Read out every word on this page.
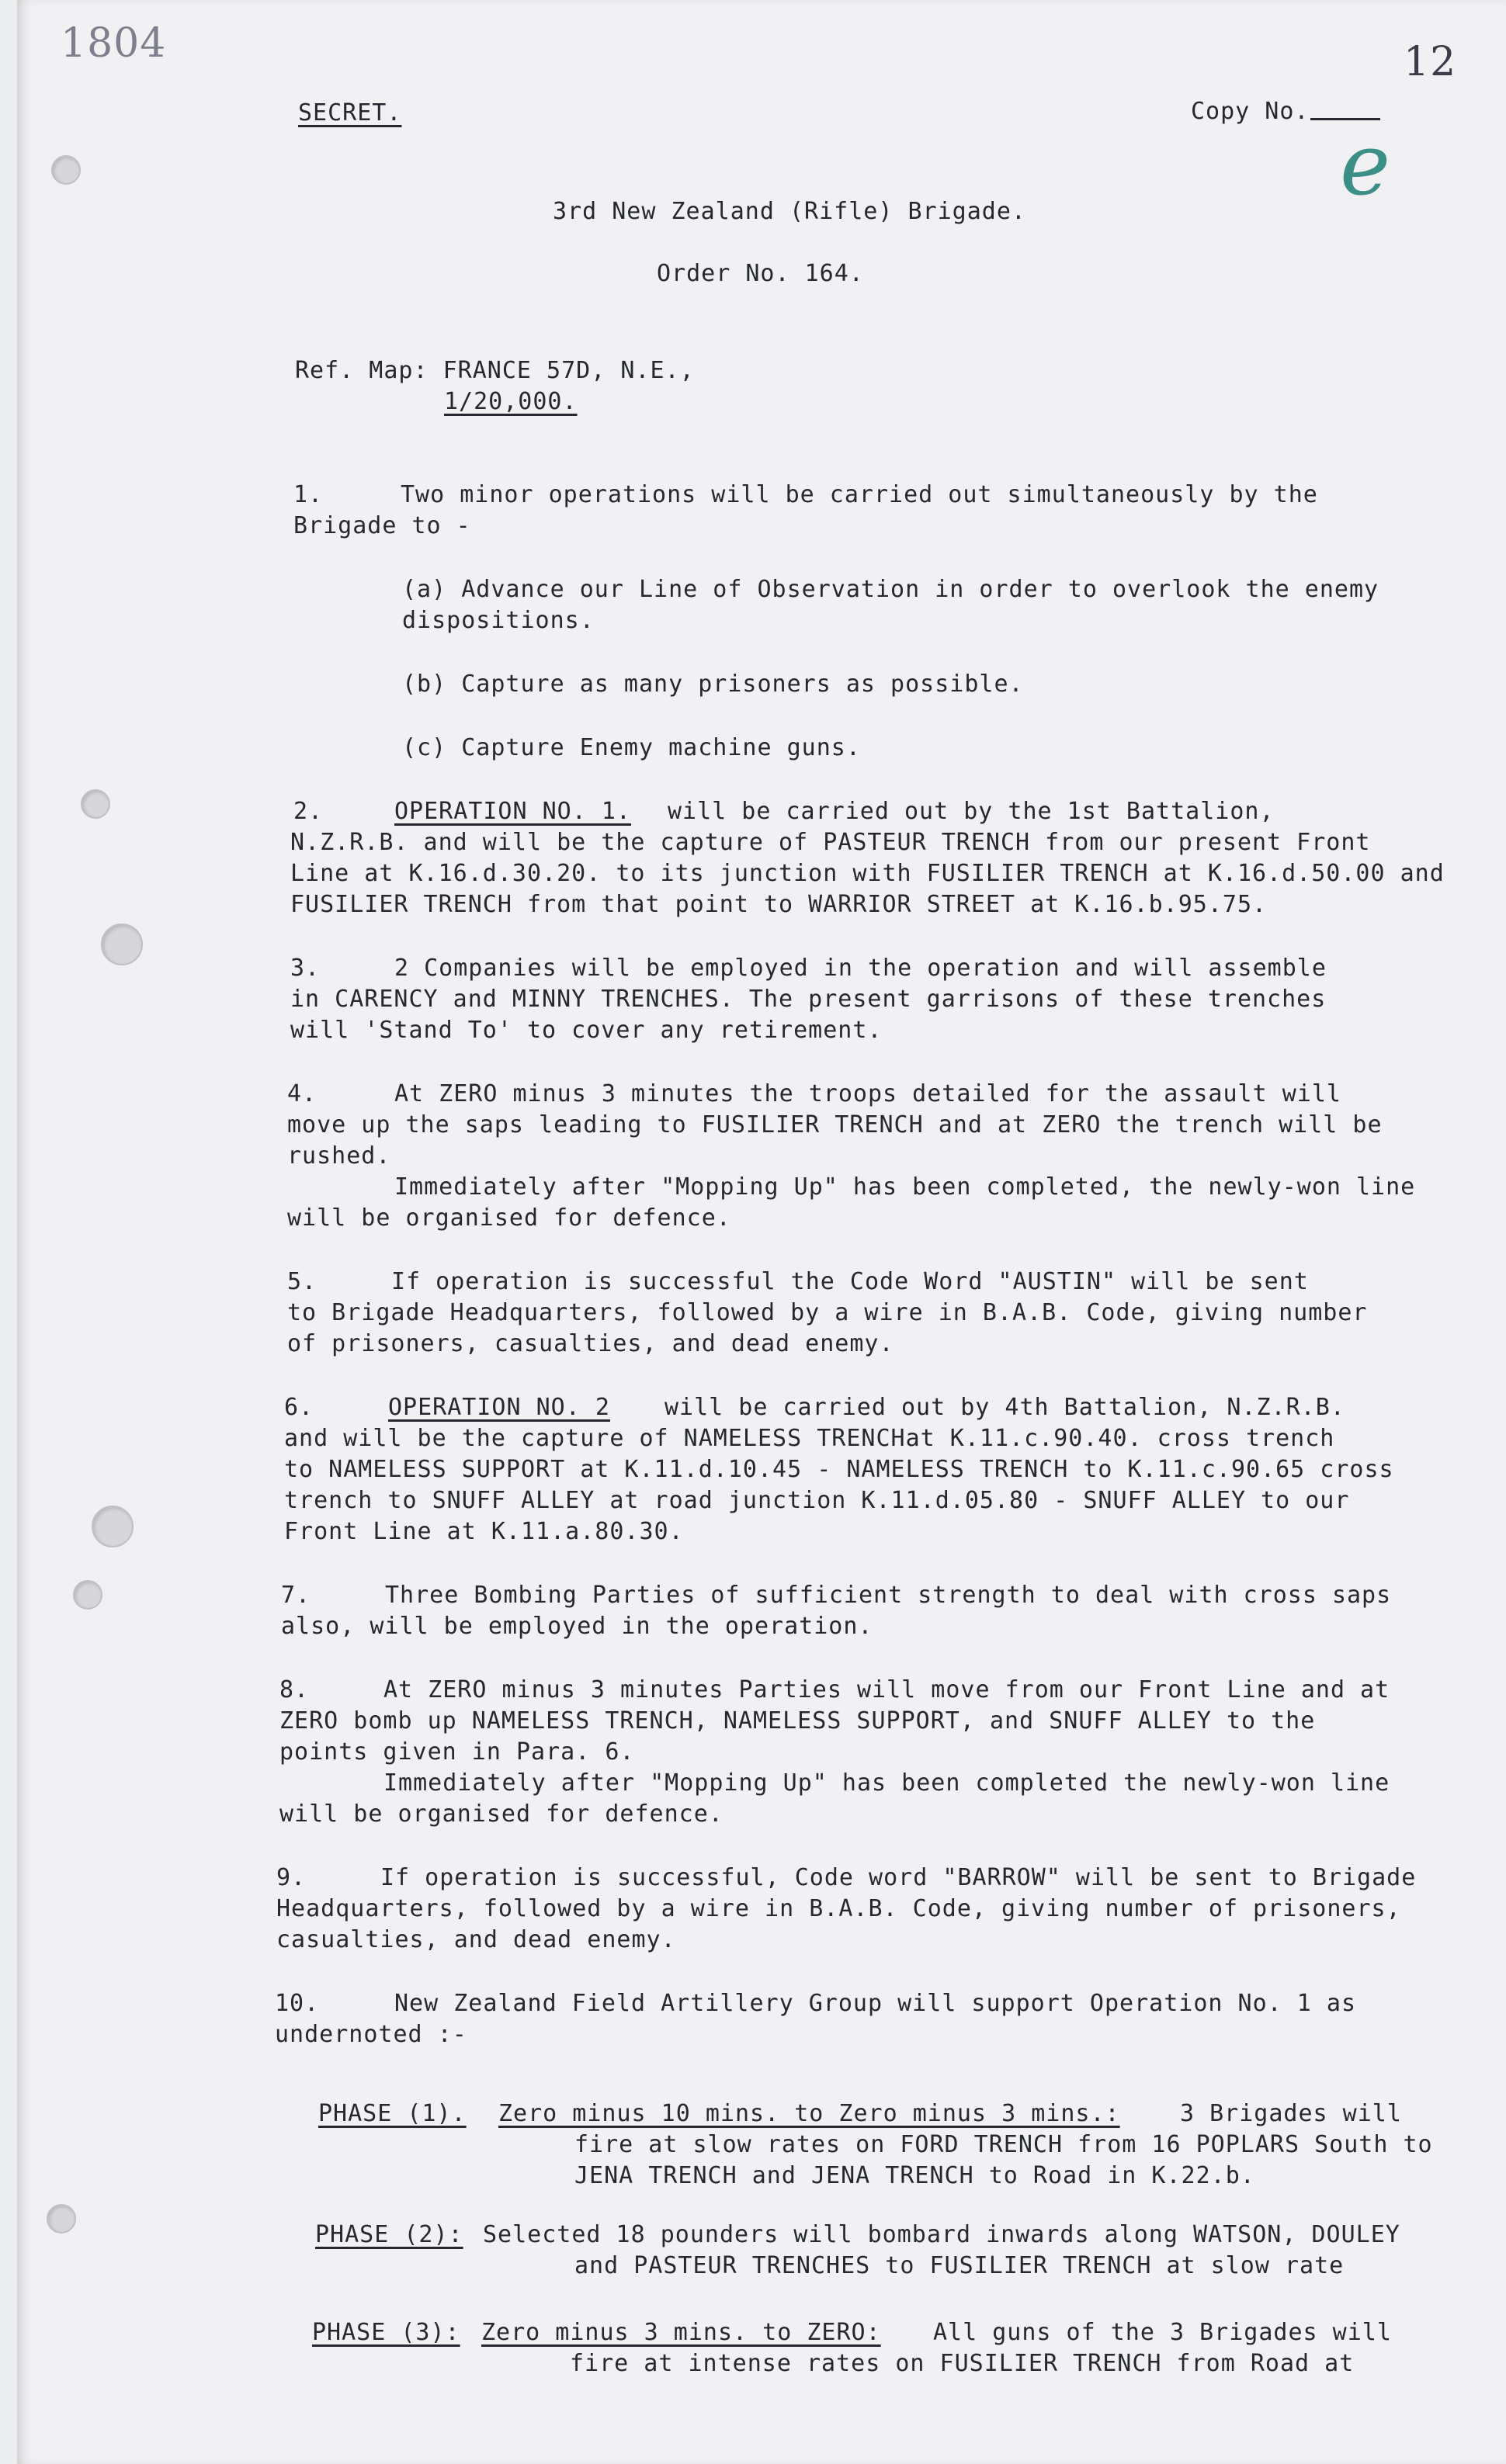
1804
SECRET.	Copy No.
12
e
3rd New Zealand (Rifle) Brigade.
Order No. 164.
Ref. Map: FRANCE 57D, N.E.,
1/20,000.
1.	Two minor operations will be carried out simultaneously by the
Brigade to -
(a) Advance our Line of Observation in order to overlook the enemy
dispositions.
(b) Capture as many prisoners as possible.
(c) Capture Enemy machine guns.
2.	OPERATION NO. 1. will be carried out by the 1st Battalion,
N.Z.R.B. and will be the capture of PASTEUR TRENCH from our present Front
Line at K.16.d.30.20. to its junction with FUSILIER TRENCH at K.16.d.50.00 and
FUSILIER TRENCH from that point to WARRIOR STREET at K.16.b.95.75.
3.	2 Companies will be employed in the operation and will assemble
in CARENCY and MINNY TRENCHES. The present garrisons of these trenches
will 'Stand To' to cover any retirement.
4.	At ZERO minus 3 minutes the troops detailed for the assault will
move up the saps leading to FUSILIER TRENCH and at ZERO the trench will be
rushed.
Immediately after "Mopping Up" has been completed, the newly-won line
will be organised for defence.
5.	If operation is successful the Code Word "AUSTIN" will be sent
to Brigade Headquarters, followed by a wire in B.A.B. Code, giving number
of prisoners, casualties, and dead enemy.
6.	OPERATION NO. 2 will be carried out by 4th Battalion, N.Z.R.B.
and will be the capture of NAMELESS TRENCHat K.11.c.90.40. cross trench
to NAMELESS SUPPORT at K.11.d.10.45 - NAMELESS TRENCH to K.11.c.90.65 cross
trench to SNUFF ALLEY at road junction K.11.d.05.80 - SNUFF ALLEY to our
Front Line at K.11.a.80.30.
7.	Three Bombing Parties of sufficient strength to deal with cross saps
also, will be employed in the operation.
8.	At ZERO minus 3 minutes Parties will move from our Front Line and at
ZERO bomb up NAMELESS TRENCH, NAMELESS SUPPORT, and SNUFF ALLEY to the
points given in Para. 6.
Immediately after "Mopping Up" has been completed the newly-won line
will be organised for defence.
9.	If operation is successful, Code word "BARROW" will be sent to Brigade
Headquarters, followed by a wire in B.A.B. Code, giving number of prisoners,
casualties, and dead enemy.
10.	New Zealand Field Artillery Group will support Operation No. 1 as
undernoted :-
PHASE (1). Zero minus 10 mins. to Zero minus 3 mins.:	3 Brigades will
fire at slow rates on FORD TRENCH from 16 POPLARS South to
JENA TRENCH and JENA TRENCH to Road in K.22.b.
PHASE (2): Selected 18 pounders will bombard inwards along WATSON, DOULEY
and PASTEUR TRENCHES to FUSILIER TRENCH at slow rate
PHASE (3): Zero minus 3 mins. to ZERO: All guns of the 3 Brigades will
fire at intense rates on FUSILIER TRENCH from Road at
